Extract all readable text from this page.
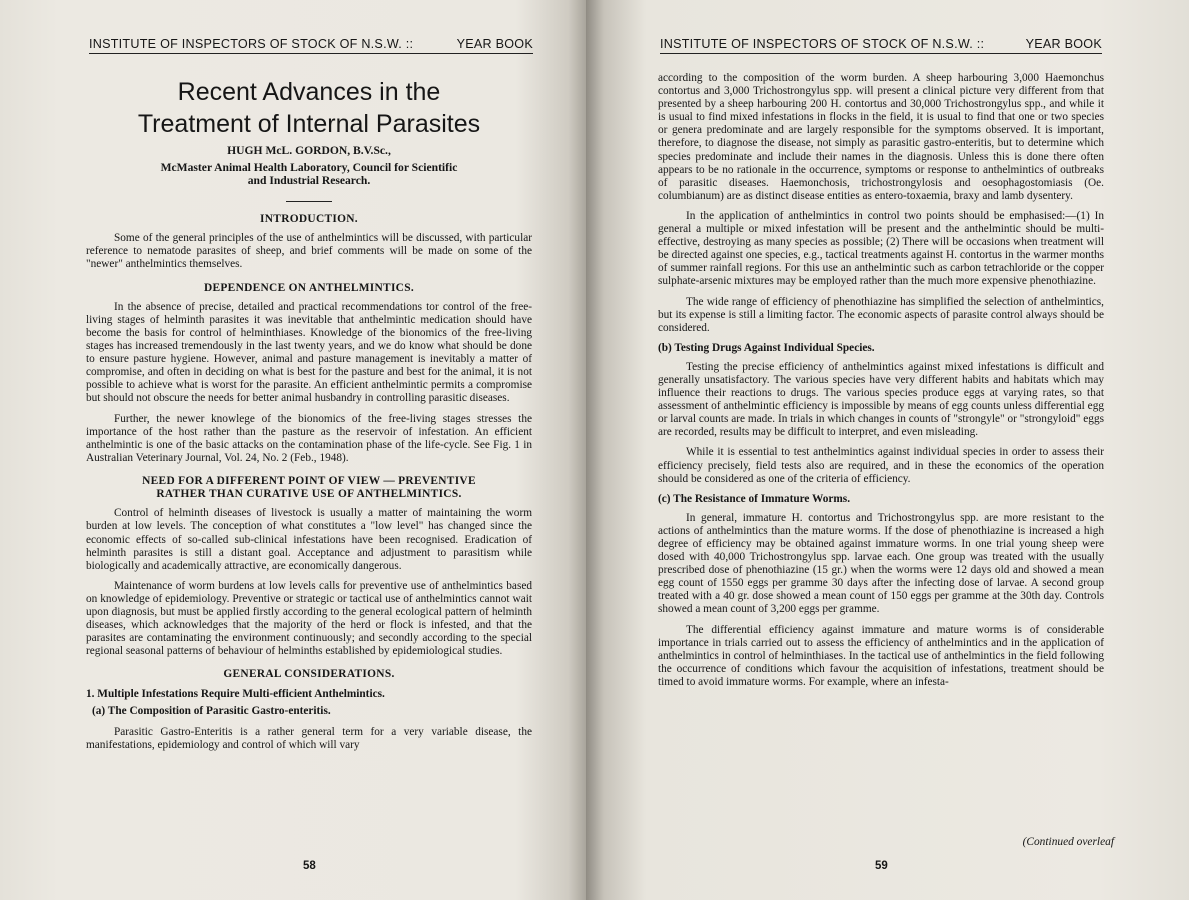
INSTITUTE OF INSPECTORS OF STOCK OF N.S.W. ::	YEAR BOOK
Recent Advances in the
Treatment of Internal Parasites
HUGH McL. GORDON, B.V.Sc.,
McMaster Animal Health Laboratory, Council for Scientific
and Industrial Research.
INTRODUCTION.

Some of the general principles of the use of anthelmintics will be discussed, with particular reference to nematode parasites of sheep, and brief comments will be made on some of the "newer" anthelmintics themselves.

DEPENDENCE ON ANTHELMINTICS.

In the absence of precise, detailed and practical recommendations tor control of the free-living stages of helminth parasites it was inevitable that anthelmintic medication should have become the basis for control of helminthiases. Knowledge of the bionomics of the free-living stages has increased tremendously in the last twenty years, and we do know what should be done to ensure pasture hygiene. However, animal and pasture management is inevitably a matter of compromise, and often in deciding on what is best for the pasture and best for the animal, it is not possible to achieve what is worst for the parasite. An efficient anthelmintic permits a compromise but should not obscure the needs for better animal husbandry in controlling parasitic diseases.

Further, the newer knowlege of the bionomics of the free-living stages stresses the importance of the host rather than the pasture as the reservoir of infestation. An efficient anthelmintic is one of the basic attacks on the contamination phase of the life-cycle. See Fig. 1 in Australian Veterinary Journal, Vol. 24, No. 2 (Feb., 1948).

NEED FOR A DIFFERENT POINT OF VIEW — PREVENTIVE
RATHER THAN CURATIVE USE OF ANTHELMINTICS.

Control of helminth diseases of livestock is usually a matter of maintaining the worm burden at low levels. The conception of what constitutes a "low level" has changed since the economic effects of so-called sub-clinical infestations have been recognised. Eradication of helminth parasites is still a distant goal. Acceptance and adjustment to parasitism while biologically and academically attractive, are economically dangerous.

Maintenance of worm burdens at low levels calls for preventive use of anthelmintics based on knowledge of epidemiology. Preventive or strategic or tactical use of anthelmintics cannot wait upon diagnosis, but must be applied firstly according to the general ecological pattern of helminth diseases, which acknowledges that the majority of the herd or flock is infested, and that the parasites are contaminating the environment continuously; and secondly according to the special regional seasonal patterns of behaviour of helminths established by epidemiological studies.

GENERAL CONSIDERATIONS.
1. Multiple Infestations Require Multi-efficient Anthelmintics.
(a) The Composition of Parasitic Gastro-enteritis.

Parasitic Gastro-Enteritis is a rather general term for a very variable disease, the manifestations, epidemiology and control of which will vary

58
INSTITUTE OF INSPECTORS OF STOCK OF N.S.W. ::	YEAR BOOK

according to the composition of the worm burden. A sheep harbouring 3,000 Haemonchus contortus and 3,000 Trichostrongylus spp. will present a clinical picture very different from that presented by a sheep harbouring 200 H. contortus and 30,000 Trichostrongylus spp., and while it is usual to find mixed infestations in flocks in the field, it is usual to find that one or two species or genera predominate and are largely responsible for the symptoms observed. It is important, therefore, to diagnose the disease, not simply as parasitic gastro-enteritis, but to determine which species predominate and include their names in the diagnosis. Unless this is done there often appears to be no rationale in the occurrence, symptoms or response to anthelmintics of outbreaks of parasitic diseases. Haemonchosis, trichostrongylosis and oesophagostomiasis (Oe. columbianum) are as distinct disease entities as entero-toxaemia, braxy and lamb dysentery.

In the application of anthelmintics in control two points should be emphasised:—(1) In general a multiple or mixed infestation will be present and the anthelmintic should be multi-effective, destroying as many species as possible; (2) There will be occasions when treatment will be directed against one species, e.g., tactical treatments against H. contortus in the warmer months of summer rainfall regions. For this use an anthelmintic such as carbon tetrachloride or the copper sulphate-arsenic mixtures may be employed rather than the much more expensive phenothiazine.

The wide range of efficiency of phenothiazine has simplified the selection of anthelmintics, but its expense is still a limiting factor. The economic aspects of parasite control always should be considered.

(b) Testing Drugs Against Individual Species.

Testing the precise efficiency of anthelmintics against mixed infestations is difficult and generally unsatisfactory. The various species have very different habits and habitats which may influence their reactions to drugs. The various species produce eggs at varying rates, so that assessment of anthelmintic efficiency is impossible by means of egg counts unless differential egg or larval counts are made. In trials in which changes in counts of "strongyle" or "strongyloid" eggs are recorded, results may be difficult to interpret, and even misleading.

While it is essential to test anthelmintics against individual species in order to assess their efficiency precisely, field tests also are required, and in these the economics of the operation should be considered as one of the criteria of efficiency.

(c) The Resistance of Immature Worms.

In general, immature H. contortus and Trichostrongylus spp. are more resistant to the actions of anthelmintics than the mature worms. If the dose of phenothiazine is increased a high degree of efficiency may be obtained against immature worms. In one trial young sheep were dosed with 40,000 Trichostrongylus spp. larvae each. One group was treated with the usually prescribed dose of phenothiazine (15 gr.) when the worms were 12 days old and showed a mean egg count of 1550 eggs per gramme 30 days after the infecting dose of larvae. A second group treated with a 40 gr. dose showed a mean count of 150 eggs per gramme at the 30th day. Controls showed a mean count of 3,200 eggs per gramme.

The differential efficiency against immature and mature worms is of considerable importance in trials carried out to assess the efficiency of anthelmintics and in the application of anthelmintics in control of helminthiases. In the tactical use of anthelmintics in the field following the occurrence of conditions which favour the acquisition of infestations, treatment should be timed to avoid immature worms. For example, where an infesta-

(Continued overleaf
59
